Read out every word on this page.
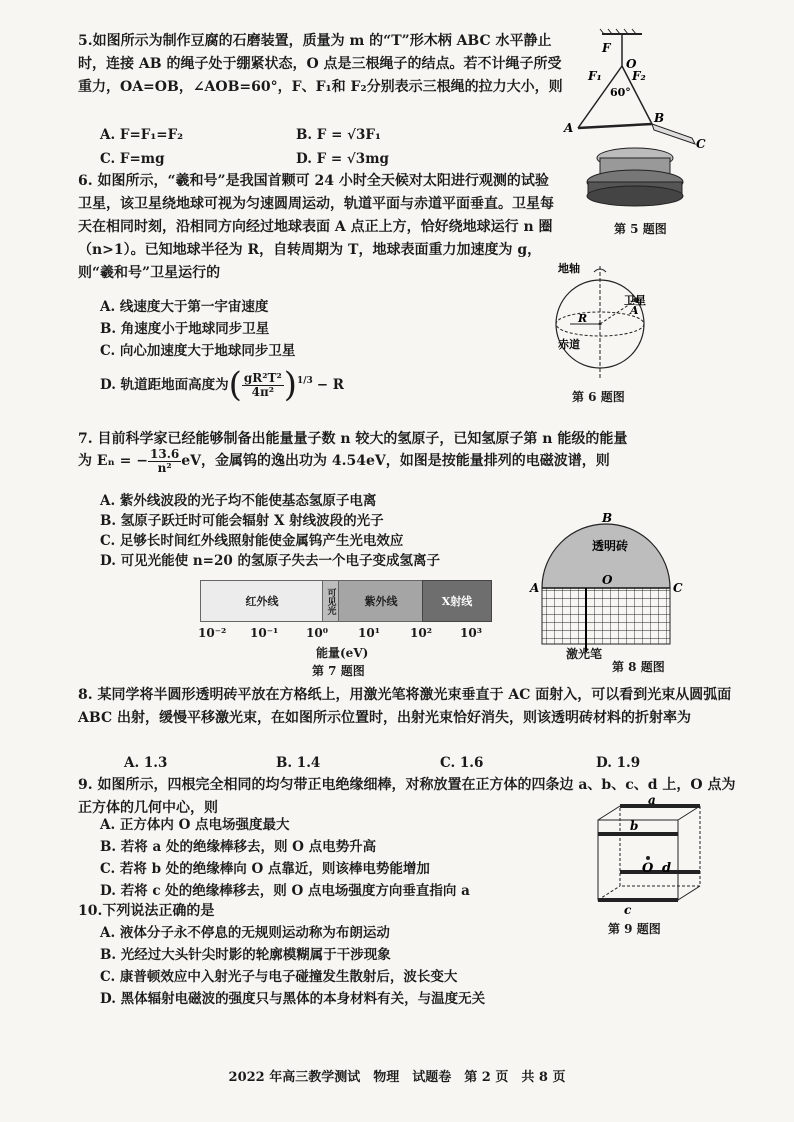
5.如图所示为制作豆腐的石磨装置，质量为 m 的“T”形木柄 ABC 水平静止时，连接 AB 的绳子处于绷紧状态，O 点是三根绳子的结点。若不计绳子所受重力，OA=OB，∠AOB=60°，F、F₁和 F₂分别表示三根绳的拉力大小，则
A. F=F₁=F₂	B. F = √3F₁
C. F=mg	D. F = √3mg
F
O
F₁	F₂
60°
A
B
C
第 5 题图
6. 如图所示，“羲和号”是我国首颗可 24 小时全天候对太阳进行观测的试验卫星，该卫星绕地球可视为匀速圆周运动，轨道平面与赤道平面垂直。卫星每天在相同时刻，沿相同方向经过地球表面 A 点正上方，恰好绕地球运行 n 圈（n>1）。已知地球半径为 R，自转周期为 T，地球表面重力加速度为 g，则“羲和号”卫星运行的
A. 线速度大于第一宇宙速度
B. 角速度小于地球同步卫星
C. 向心加速度大于地球同步卫星
D. 轨道距地面高度为 ( $\frac{\text{gR²T²}}{\text{4π²}} )^{1/3} - R$
地轴
卫星
A
R
赤道
第 6 题图
7. 目前科学家已经能够制备出能量量子数 n 较大的氢原子，已知氢原子第 n 能级的能量
为 Eₙ = − $\frac{13.6}{\text{n²}}$ eV，金属钨的逸出功为 4.54eV，如图是按能量排列的电磁波谱，则
A. 紫外线波段的光子均不能使基态氢原子电离
B. 氢原子跃迁时可能会辐射 X 射线波段的光子
C. 足够长时间红外线照射能使金属钨产生光电效应
D. 可见光能使 n=20 的氢原子失去一个电子变成氢离子
红外线	可见光	紫外线	X射线
10⁻² 10⁻¹ 10⁰	10¹	10² 10³
能量(eV)
第 7 题图
B
透明砖
O
A	C
激光笔
第 8 题图
8. 某同学将半圆形透明砖平放在方格纸上，用激光笔将激光束垂直于 AC 面射入，可以看到光束从圆弧面 ABC 出射，缓慢平移激光束，在如图所示位置时，出射光束恰好消失，则该透明砖材料的折射率为
A. 1.3	B. 1.4	C. 1.6	D. 1.9
9. 如图所示，四根完全相同的均匀带正电绝缘细棒，对称放置在正方体的四条边 a、b、c、d 上，O 点为正方体的几何中心，则
A. 正方体内 O 点电场强度最大
B. 若将 a 处的绝缘棒移去，则 O 点电势升高
C. 若将 b 处的绝缘棒向 O 点靠近，则该棒电势能增加
D. 若将 c 处的绝缘棒移去，则 O 点电场强度方向垂直指向 a
a
b
O d
c
第 9 题图
10.下列说法正确的是
A. 液体分子永不停息的无规则运动称为布朗运动
B. 光经过大头针尖时影的轮廓模糊属于干涉现象
C. 康普顿效应中入射光子与电子碰撞发生散射后，波长变大
D. 黑体辐射电磁波的强度只与黑体的本身材料有关，与温度无关
2022 年高三教学测试　物理　试题卷　第 2 页　共 8 页
